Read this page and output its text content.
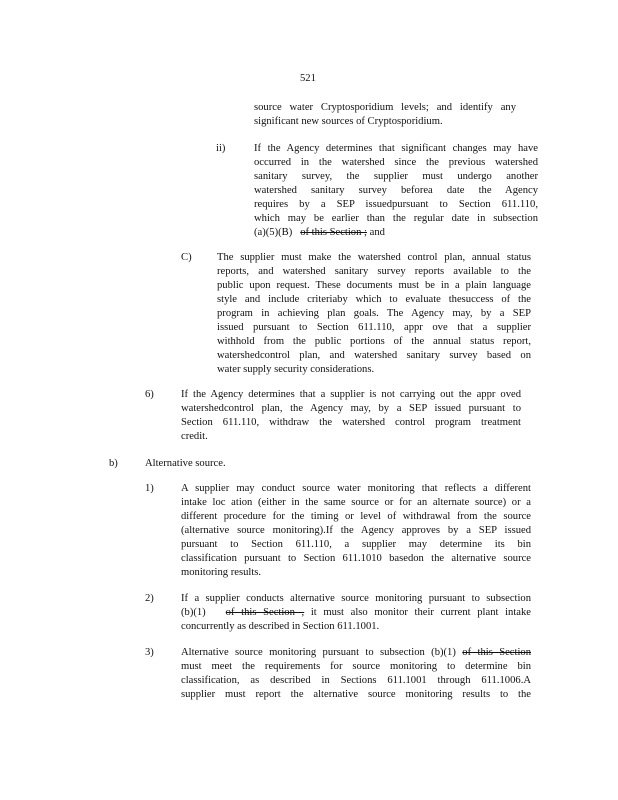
521
source water Cryptosporidium levels; and identify any
significant new sources of Cryptosporidium.
ii)	If the Agency determines that significant changes may have
occurred in the watershed since the previous watershed
sanitary survey, the supplier must undergo another
watershed sanitary survey beforea date the Agency
requires by a SEP issuedpursuant to Section 611.110,
which may be earlier than the regular date in subsection
(a)(5)(B) of this Section ; and
C) The supplier must make the watershed control plan, annual status
reports, and watershed sanitary survey reports available to the
public upon request. These documents must be in a plain language
style and include criteriaby which to evaluate thesuccess of the
program in achieving plan goals. The Agency may, by a SEP
issued pursuant to Section 611.110, appr ove that a supplier
withhold from the public portions of the annual status report,
watershedcontrol plan, and watershed sanitary survey based on
water supply security considerations.
6)	If the Agency determines that a supplier is not carrying out the appr oved
watershedcontrol plan, the Agency may, by a SEP issued pursuant to
Section 611.110, withdraw the watershed control program treatment
credit.
b)	Alternative source.
1)	A supplier may conduct source water monitoring that reflects a different
intake loc ation (either in the same source or for an alternate source) or a
different procedure for the timing or level of withdrawal from the source
(alternative source monitoring).If the Agency approves by a SEP issued
pursuant to Section 611.110, a supplier may determine its bin
classification pursuant to Section 611.1010 basedon the alternative source
monitoring results.
2)	If a supplier conducts alternative source monitoring pursuant to subsection
(b)(1) of this Section , it must also monitor their current plant intake
concurrently as described in Section 611.1001.
3)	Alternative source monitoring pursuant to subsection (b)(1) of this Section
must meet the requirements for source monitoring to determine bin
classification, as described in Sections 611.1001 through 611.1006.A
supplier must report the alternative source monitoring results to the
